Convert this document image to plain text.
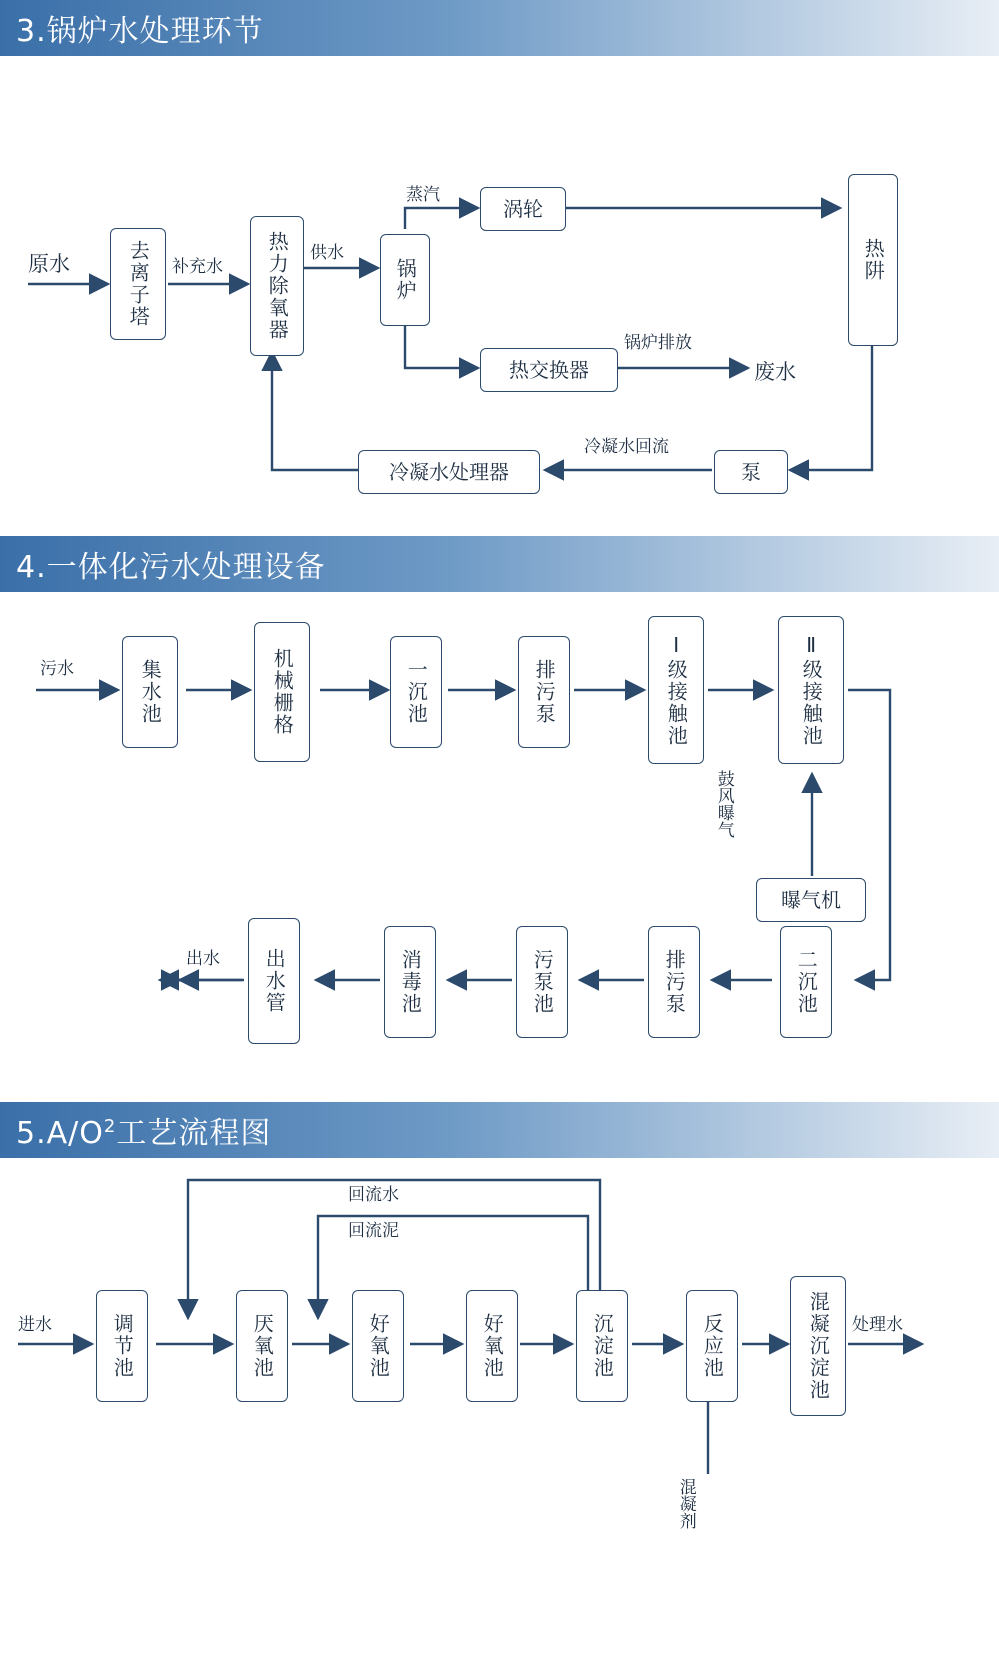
3.锅炉水处理环节
原水	去离子塔	补充水	热力除氧器	供水
锅炉
蒸汽
涡轮
热阱
热交换器
锅炉排放
废水
冷凝水处理器
冷凝水回流
泵
4.一体化污水处理设备
污水	集水池	机械栅格	一沉池	排污泵	Ⅰ级接触池	Ⅱ级接触池
鼓风曝气
曝气机
二沉池
排污泵
污泵池
消毒池
出水管
出水
$5.A/O^2$工艺流程图
回流水
回流泥
进水	调节池	厌氧池	好氧池	好氧池	沉淀池	反应池	混凝沉淀池	处理水
混凝剂
